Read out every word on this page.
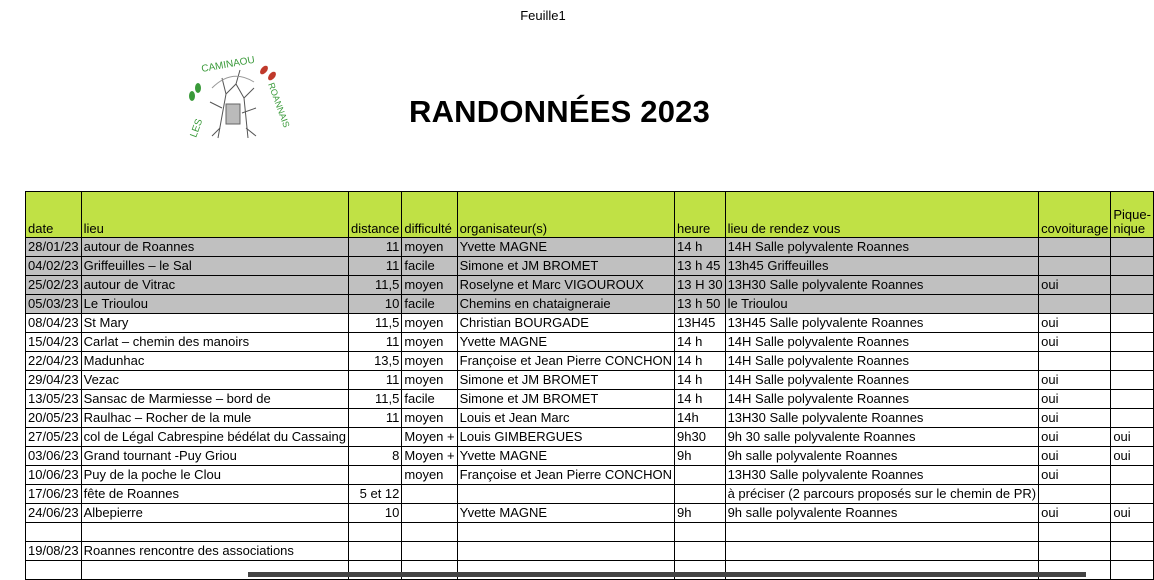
Feuille1
LES
CAMINAOU
ROANNAIS	RANDONNÉES 2023
date	lieu	distance	difficulté	organisateur(s)	heure	lieu de rendez vous	covoiturage	Pique-nique
28/01/23	autour de Roannes	11	moyen	Yvette MAGNE	14 h	14H Salle polyvalente Roannes		
04/02/23	Griffeuilles – le Sal	11	facile	Simone et JM BROMET	13 h 45	13h45 Griffeuilles		
25/02/23	autour de Vitrac	11,5	moyen	Roselyne et Marc VIGOUROUX	13 H 30	13H30 Salle polyvalente Roannes	oui	
05/03/23	Le Trioulou	10	facile	Chemins en chataigneraie	13 h 50	le Trioulou		
08/04/23	St Mary	11,5	moyen	Christian BOURGADE	13H45	13H45 Salle polyvalente Roannes	oui	
15/04/23	Carlat – chemin des manoirs	11	moyen	Yvette MAGNE	14 h	14H Salle polyvalente Roannes	oui	
22/04/23	Madunhac	13,5	moyen	Françoise et Jean Pierre CONCHON	14 h	14H Salle polyvalente Roannes		
29/04/23	Vezac	11	moyen	Simone et JM BROMET	14 h	14H Salle polyvalente Roannes	oui	
13/05/23	Sansac de Marmiesse – bord de	11,5	facile	Simone et JM BROMET	14 h	14H Salle polyvalente Roannes	oui	
20/05/23	Raulhac – Rocher de la mule	11	moyen	Louis et Jean Marc	14h	13H30 Salle polyvalente Roannes	oui	
27/05/23	col de Légal Cabrespine bédélat du Cassaing		Moyen +	Louis GIMBERGUES	9h30	9h 30 salle polyvalente Roannes	oui	oui
03/06/23	Grand tournant -Puy Griou	8	Moyen +	Yvette MAGNE	9h	9h salle polyvalente Roannes	oui	oui
10/06/23	Puy de la poche le Clou		moyen	Françoise et Jean Pierre CONCHON		13H30 Salle polyvalente Roannes	oui	
17/06/23	fête de Roannes	5 et 12				à préciser (2 parcours proposés sur le chemin de PR)		
24/06/23	Albepierre	10		Yvette MAGNE	9h	9h salle polyvalente Roannes	oui	oui

19/08/23	Roannes rencontre des associations							
